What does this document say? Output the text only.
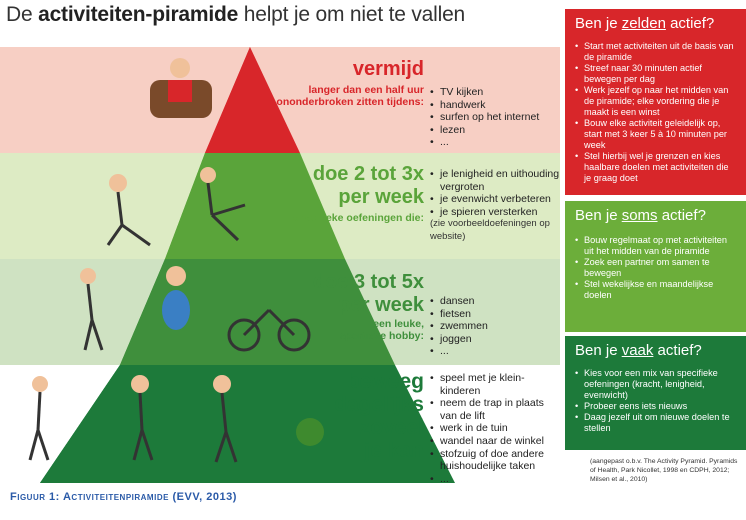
De activiteiten-piramide helpt je om niet te vallen
vermijd
langer dan een half uur
ononderbroken zitten tijdens:
• TV kijken
• handwerk
• surfen op het internet
• lezen
• ...
doe 2 tot 3x
per week
specifieke oefeningen die:
• je lenigheid en uithouding vergroten
• je evenwicht verbeteren
• je spieren versterken
(zie voorbeeldoefeningen op website)
doe 3 tot 5x
per week
een leuke,
sportieve hobby:
• dansen
• fietsen
• zwemmen
• joggen
• ...
beweeg
dagelijks
zoveel
je kan
• speel met je klein-kinderen
• neem de trap in plaats van de lift
• werk in de tuin
• wandel naar de winkel
• stofzuig of doe andere huishoudelijke taken
• ...
Ben je zelden actief?
• Start met activiteiten uit de basis van de piramide
• Streef naar 30 minuten actief bewegen per dag
• Werk jezelf op naar het midden van de piramide; elke vordering die je maakt is een winst
• Bouw elke activiteit geleidelijk op, start met 3 keer 5 à 10 minuten per week
• Stel hierbij wel je grenzen en kies haalbare doelen met activiteiten die je graag doet
Ben je soms actief?
• Bouw regelmaat op met activiteiten uit het midden van de piramide
• Zoek een partner om samen te bewegen
• Stel wekelijkse en maandelijkse doelen
Ben je vaak actief?
• Kies voor een mix van specifieke oefeningen (kracht, lenigheid, evenwicht)
• Probeer eens iets nieuws
• Daag jezelf uit om nieuwe doelen te stellen
(aangepast o.b.v. The Activity Pyramid. Pyramids of Health, Park Nicollet, 1998 en CDPH, 2012; Milsen et al., 2010)
Figuur 1: Activiteitenpiramide (EVV, 2013)
